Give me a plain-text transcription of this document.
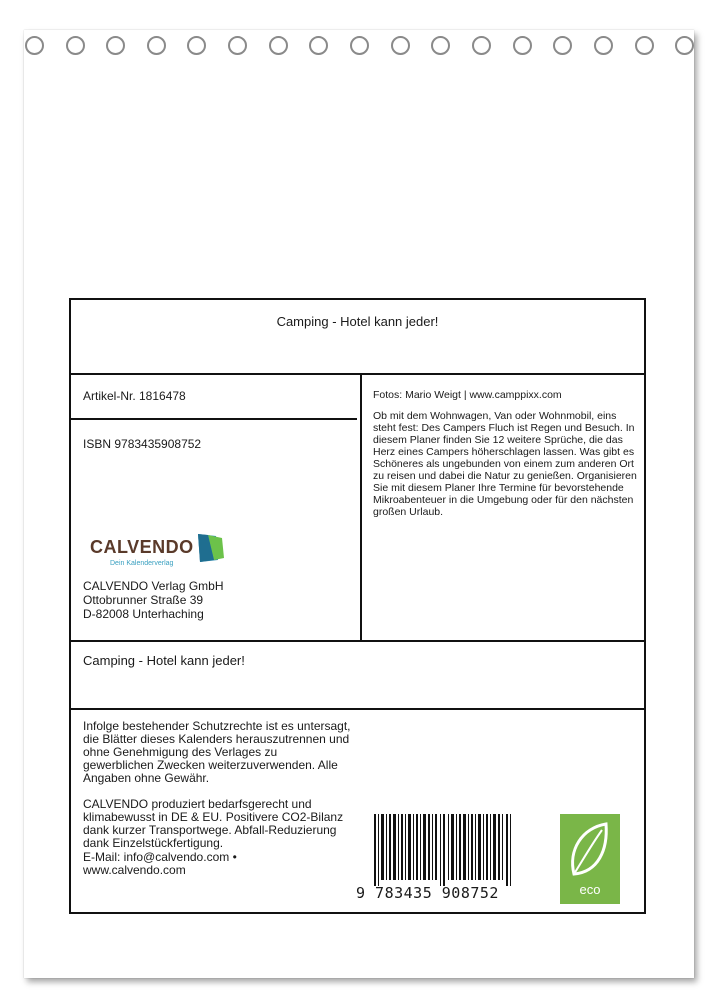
Camping - Hotel kann jeder!
Artikel-Nr. 1816478
ISBN 9783435908752
CALVENDO
Dein Kalenderverlag
CALVENDO Verlag GmbH
Ottobrunner Straße 39
D-82008 Unterhaching
Fotos: Mario Weigt | www.camppixx.com
Ob mit dem Wohnwagen, Van oder Wohnmobil, eins steht fest: Des Campers Fluch ist Regen und Besuch. In diesem Planer finden Sie 12 weitere Sprüche, die das Herz eines Campers höherschlagen lassen. Was gibt es Schöneres als ungebunden von einem zum anderen Ort zu reisen und dabei die Natur zu genießen. Organisieren Sie mit diesem Planer Ihre Termine für bevorstehende Mikroabenteuer in die Umgebung oder für den nächsten großen Urlaub.
Camping - Hotel kann jeder!
Infolge bestehender Schutzrechte ist es untersagt, die Blätter dieses Kalenders herauszutrennen und ohne Genehmigung des Verlages zu gewerblichen Zwecken weiterzuverwenden. Alle Angaben ohne Gewähr.
CALVENDO produziert bedarfsgerecht und klimabewusst in DE & EU. Positivere CO2-Bilanz dank kurzer Transportwege. Abfall-Reduzierung dank Einzelstückfertigung.
E-Mail: info@calvendo.com •
www.calvendo.com
9 783435 908752	eco
